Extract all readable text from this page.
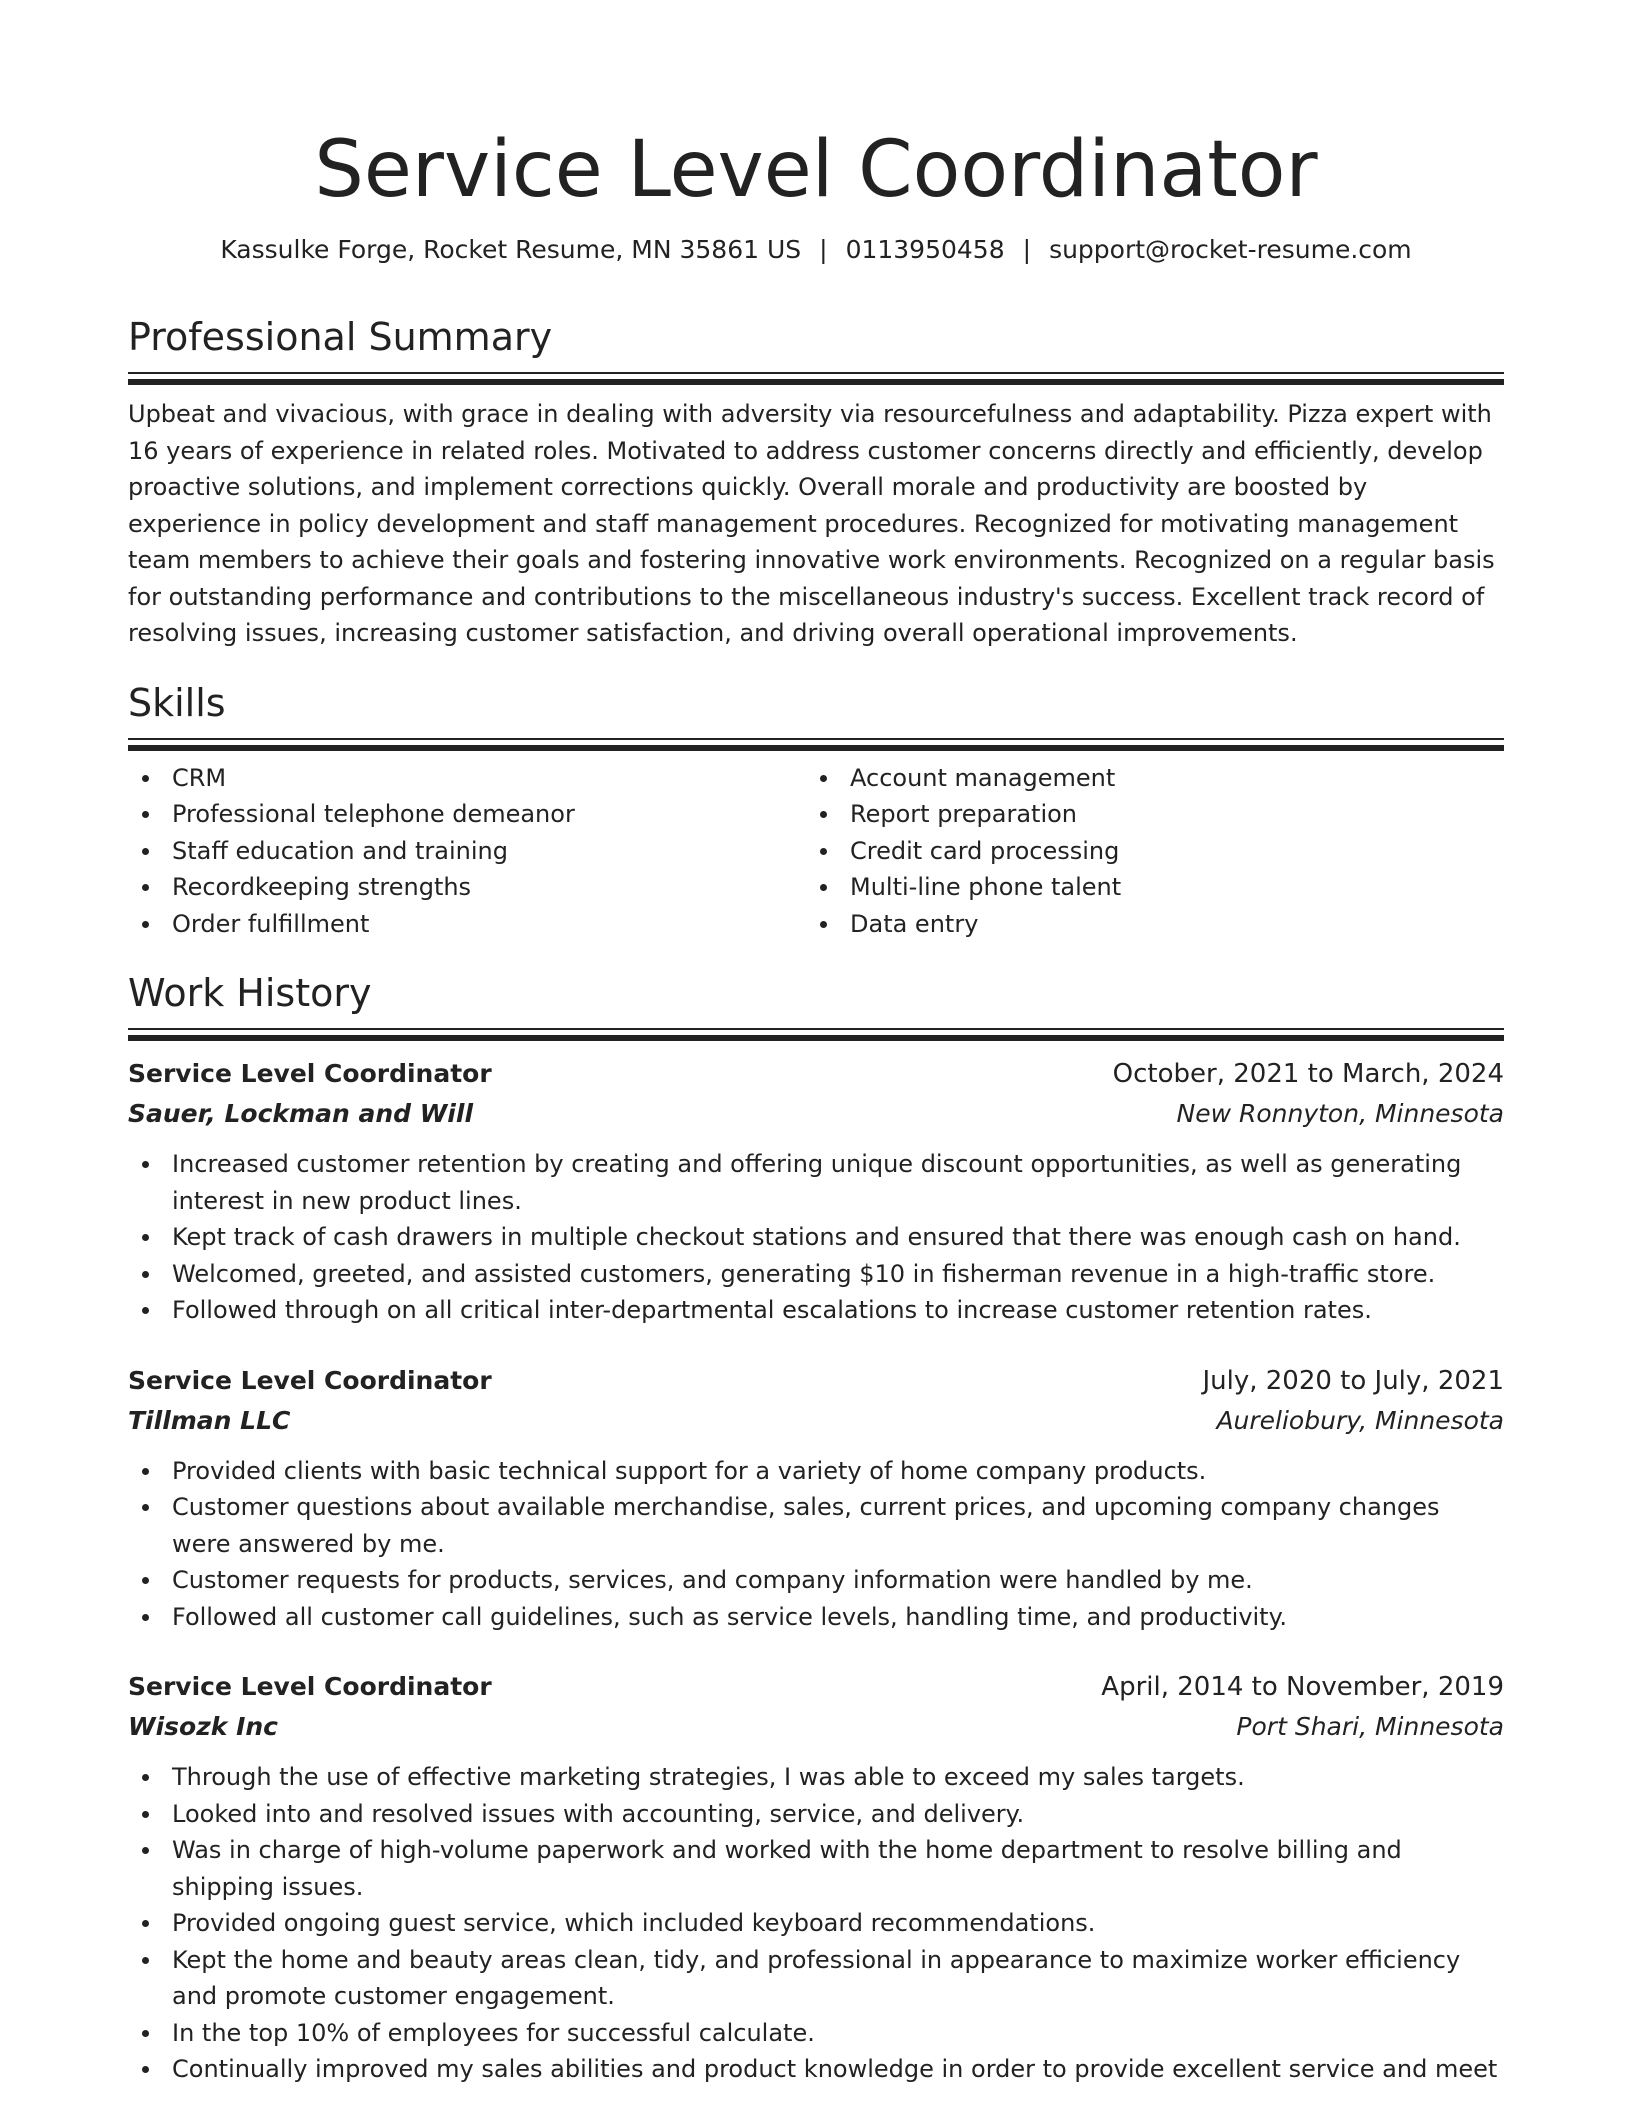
Service Level Coordinator
Kassulke Forge, Rocket Resume, MN 35861 US | 0113950458 | support@rocket-resume.com
Professional Summary

Upbeat and vivacious, with grace in dealing with adversity via resourcefulness and adaptability. Pizza expert with 16 years of experience in related roles. Motivated to address customer concerns directly and efficiently, develop proactive solutions, and implement corrections quickly. Overall morale and productivity are boosted by experience in policy development and staff management procedures. Recognized for motivating management team members to achieve their goals and fostering innovative work environments. Recognized on a regular basis for outstanding performance and contributions to the miscellaneous industry's success. Excellent track record of resolving issues, increasing customer satisfaction, and driving overall operational improvements.

Skills
CRM
Professional telephone demeanor
Staff education and training
Recordkeeping strengths
Order fulfillment
Account management
Report preparation
Credit card processing
Multi-line phone talent
Data entry
Work History
Service Level Coordinator	October, 2021 to March, 2024
Sauer, Lockman and Will	New Ronnyton, Minnesota
Increased customer retention by creating and offering unique discount opportunities, as well as generating interest in new product lines.
Kept track of cash drawers in multiple checkout stations and ensured that there was enough cash on hand.
Welcomed, greeted, and assisted customers, generating $10 in fisherman revenue in a high-traffic store.
Followed through on all critical inter-departmental escalations to increase customer retention rates.
Service Level Coordinator	July, 2020 to July, 2021
Tillman LLC	Aureliobury, Minnesota
Provided clients with basic technical support for a variety of home company products.
Customer questions about available merchandise, sales, current prices, and upcoming company changes were answered by me.
Customer requests for products, services, and company information were handled by me.
Followed all customer call guidelines, such as service levels, handling time, and productivity.
Service Level Coordinator	April, 2014 to November, 2019
Wisozk Inc	Port Shari, Minnesota
Through the use of effective marketing strategies, I was able to exceed my sales targets.
Looked into and resolved issues with accounting, service, and delivery.
Was in charge of high-volume paperwork and worked with the home department to resolve billing and shipping issues.
Provided ongoing guest service, which included keyboard recommendations.
Kept the home and beauty areas clean, tidy, and professional in appearance to maximize worker efficiency and promote customer engagement.
In the top 10% of employees for successful calculate.
Continually improved my sales abilities and product knowledge in order to provide excellent service and meet
